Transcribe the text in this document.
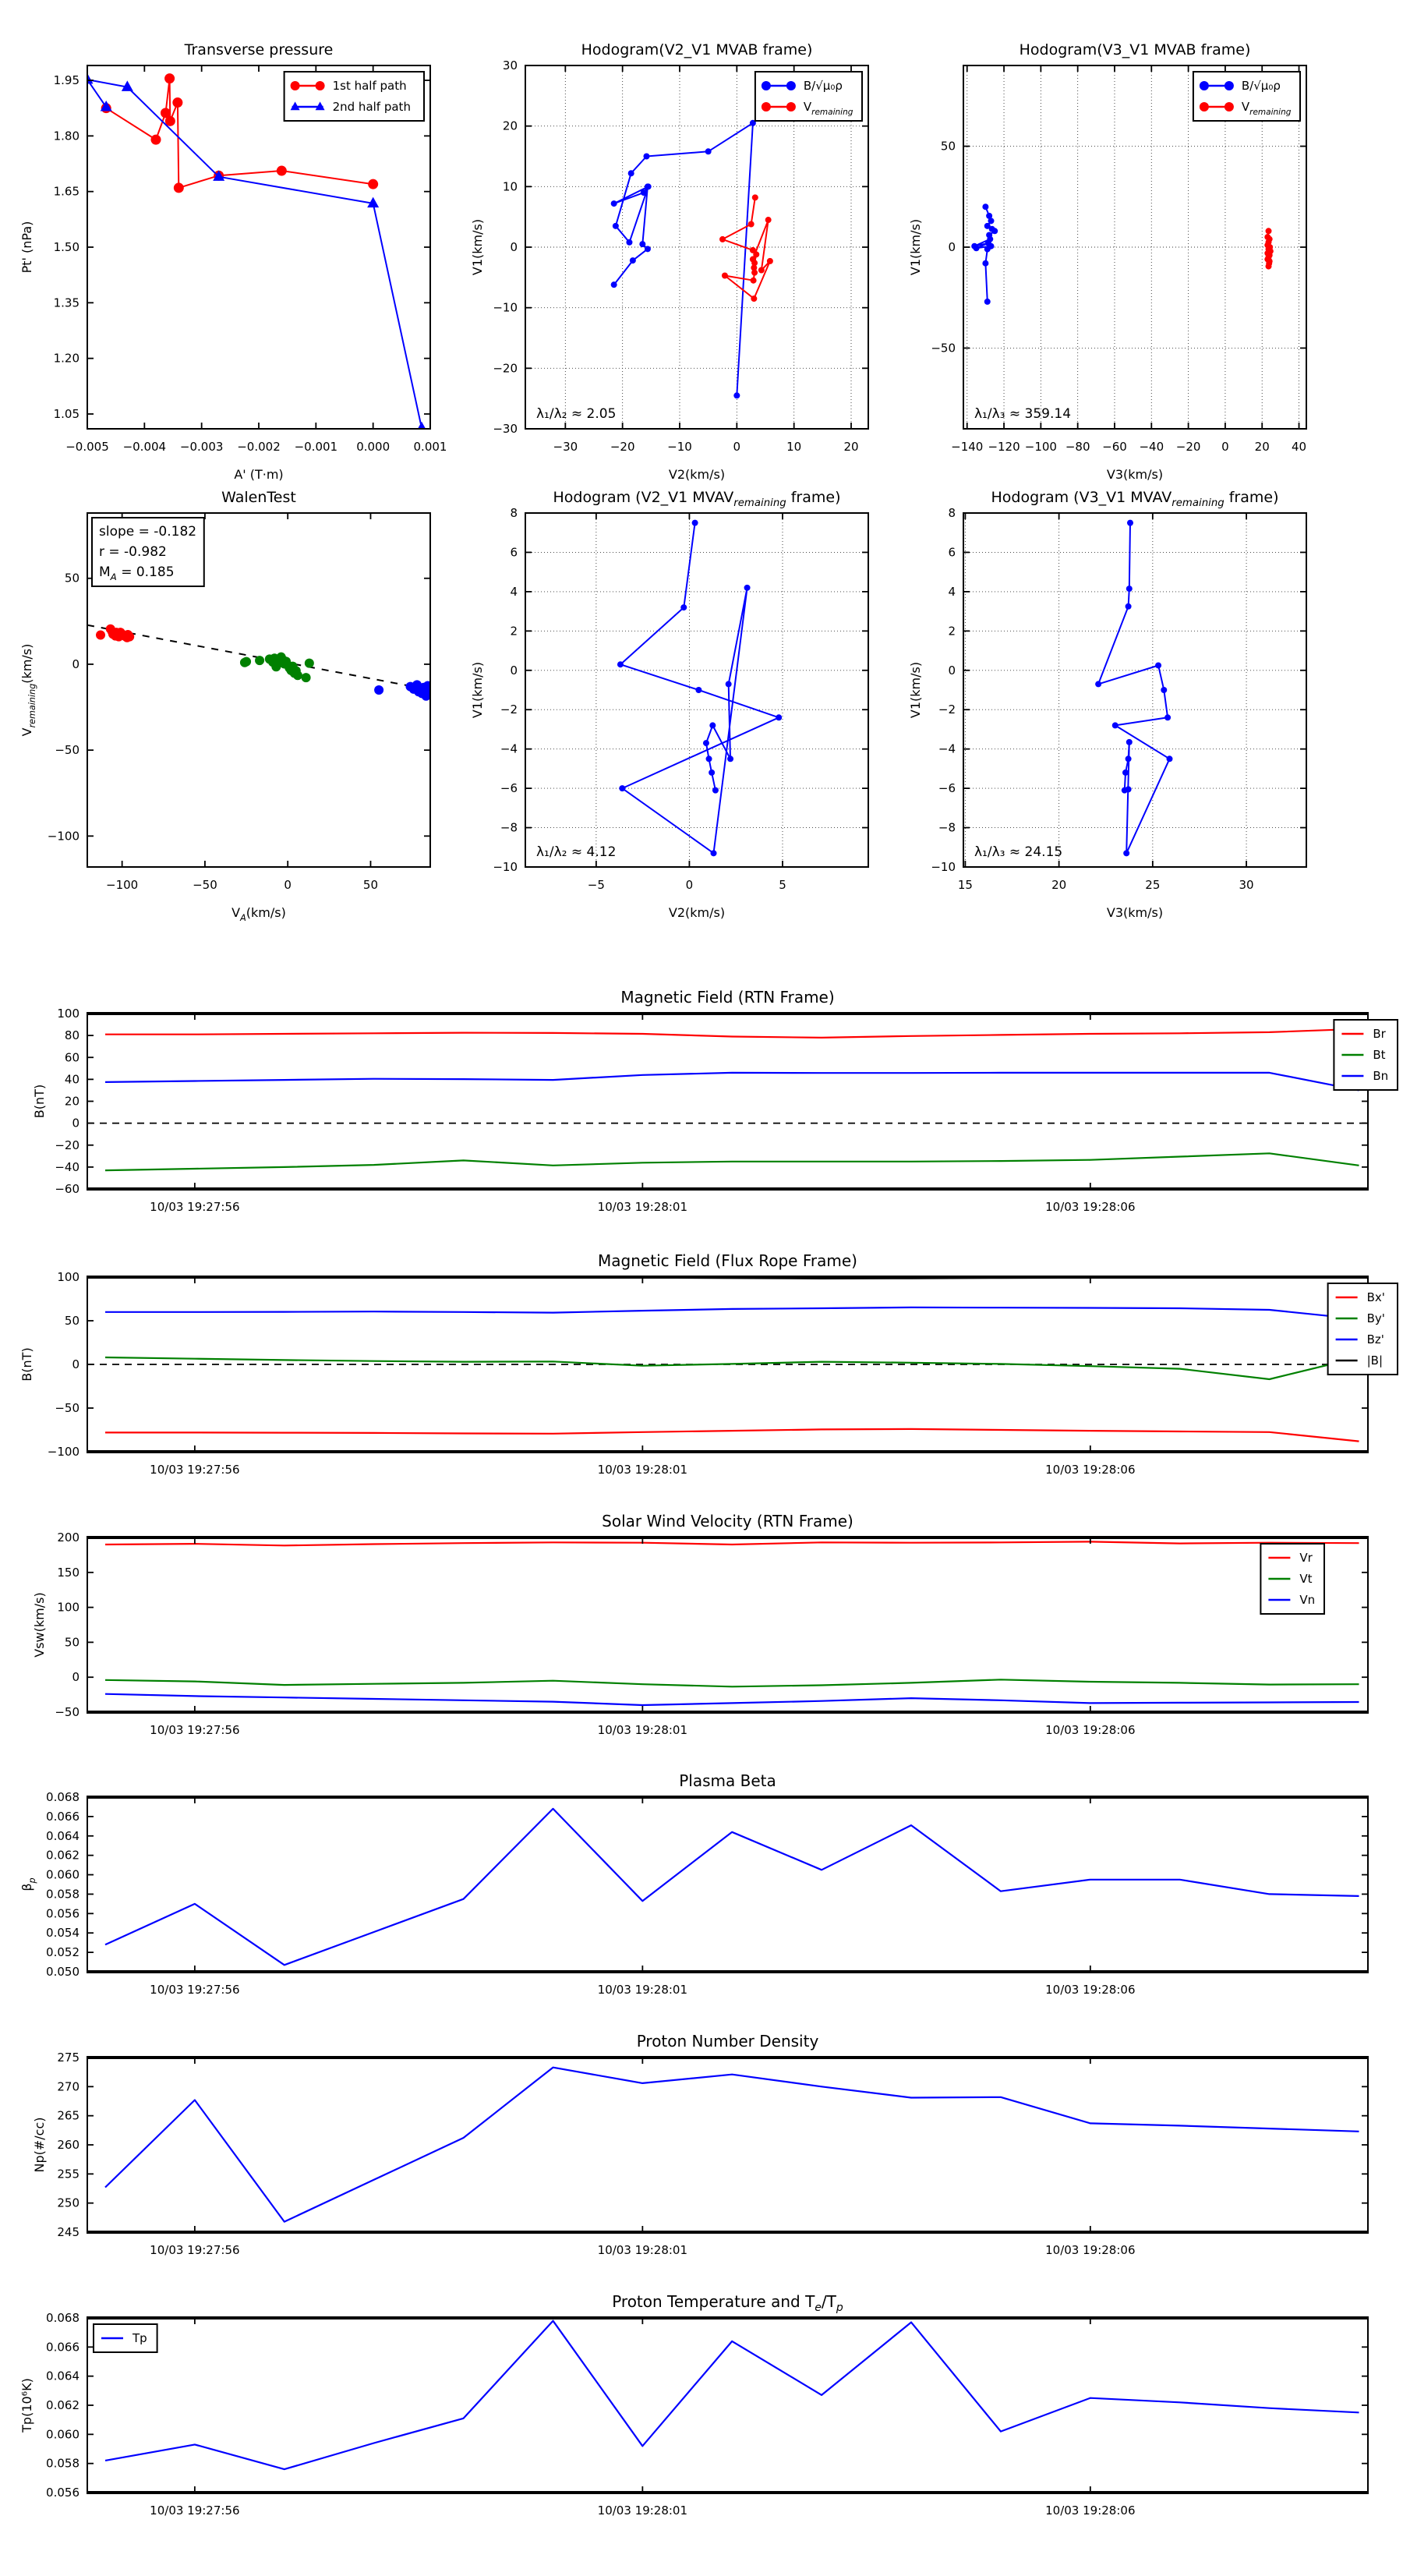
−0.005 −0.004 −0.003 −0.002 −0.001 0.000 0.001
1.05
1.20
1.35
1.50
1.65
1.80
1.95
Transverse pressure
A' (T·m)
Pt' (nPa)
1st half path
2nd half path
−30	−20	−10	0	10	20
−30
−20
−10
0
10
20
30
Hodogram(V2_V1 MVAB frame)
V2(km/s)
V1(km/s)
B/√μ₀ρ
$V_{remaining}$
λ₁/λ₂ ≈ 2.05
−140 −120 −100 −80 −60 −40 −20 0 20 40
−50
0
50
Hodogram(V3_V1 MVAB frame)
V3(km/s)
V1(km/s)
B/√μ₀ρ
$V_{remaining}$
λ₁/λ₃ ≈ 359.14
−100	−50	0	50
−100
−50
0
50
WalenTest
$V_A(km/s)$
$V_{remaining}(km/s)$
slope = -0.182
r = -0.982
$M_A = 0.185$
−5	0	5
−10
−8
−6
−4
−2
0
2
4
6
8
Hodogram (V2_V1 $MVAV_{remaining}$ frame)
V2(km/s)
V1(km/s)
λ₁/λ₂ ≈ 4.12
15	20	25	30
−10
−8
−6
−4
−2
0
2
4
6
8
Hodogram (V3_V1 $MVAV_{remaining}$ frame)
V3(km/s)
V1(km/s)
λ₁/λ₃ ≈ 24.15
10/03 19:27:56	10/03 19:28:01	10/03 19:28:06
−60
−40
−20
0
20
40
60
80
100
Magnetic Field (RTN Frame)
B(nT)
Br
Bt
Bn
10/03 19:27:56	10/03 19:28:01	10/03 19:28:06
−100
−50
0
50
100
Magnetic Field (Flux Rope Frame)
B(nT)
Bx'
By'
Bz'
|B|
10/03 19:27:56	10/03 19:28:01	10/03 19:28:06
−50
0
50
100
150
200
Solar Wind Velocity (RTN Frame)
Vsw(km/s)
Vr
Vt
Vn
10/03 19:27:56	10/03 19:28:01	10/03 19:28:06
0.050
0.052
0.054
0.056
0.058
0.060
0.062
0.064
0.066
0.068
Plasma Beta
$\beta_p$
10/03 19:27:56	10/03 19:28:01	10/03 19:28:06
245
250
255
260
265
270
275
Proton Number Density
Np(#/cc)
10/03 19:27:56	10/03 19:28:01	10/03 19:28:06
0.056
0.058
0.060
0.062
0.064
0.066
0.068
Proton Temperature and $T_e/T_p$
Tp(10⁶K)
Tp
